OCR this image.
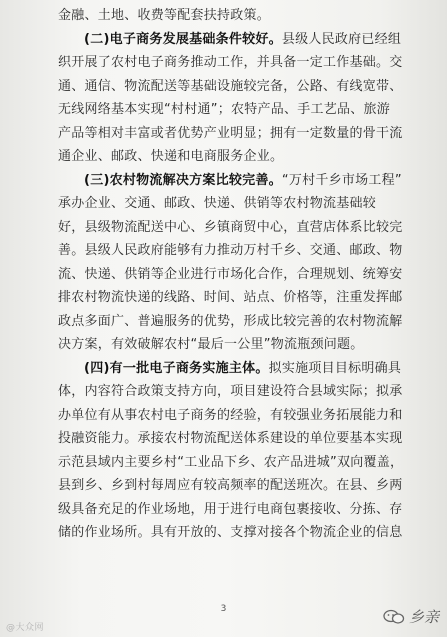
金融、土地、收费等配套扶持政策。
(二)电子商务发展基础条件较好。县级人民政府已经组
织开展了农村电子商务推动工作，并具备一定工作基础。交
通、通信、物流配送等基础设施较完备，公路、有线宽带、
无线网络基本实现“村村通”；农特产品、手工艺品、旅游
产品等相对丰富或者优势产业明显；拥有一定数量的骨干流
通企业、邮政、快递和电商服务企业。
(三)农村物流解决方案比较完善。“万村千乡市场工程”
承办企业、交通、邮政、快递、供销等农村物流基础较
好，县级物流配送中心、乡镇商贸中心，直营店体系比较完
善。县级人民政府能够有力推动万村千乡、交通、邮政、物
流、快递、供销等企业进行市场化合作，合理规划、统筹安
排农村物流快递的线路、时间、站点、价格等，注重发挥邮
政点多面广、普遍服务的优势，形成比较完善的农村物流解
决方案，有效破解农村“最后一公里”物流瓶颈问题。
(四)有一批电子商务实施主体。拟实施项目目标明确具
体，内容符合政策支持方向，项目建设符合县域实际；拟承
办单位有从事农村电子商务的经验，有较强业务拓展能力和
投融资能力。承接农村物流配送体系建设的单位要基本实现
示范县域内主要乡村“工业品下乡、农产品进城”双向覆盖，
县到乡、乡到村每周应有较高频率的配送班次。在县、乡两
级具备充足的作业场地，用于进行电商包裹接收、分拣、存
储的作业场所。具有开放的、支撑对接各个物流企业的信息
3
@大众网
乡亲
